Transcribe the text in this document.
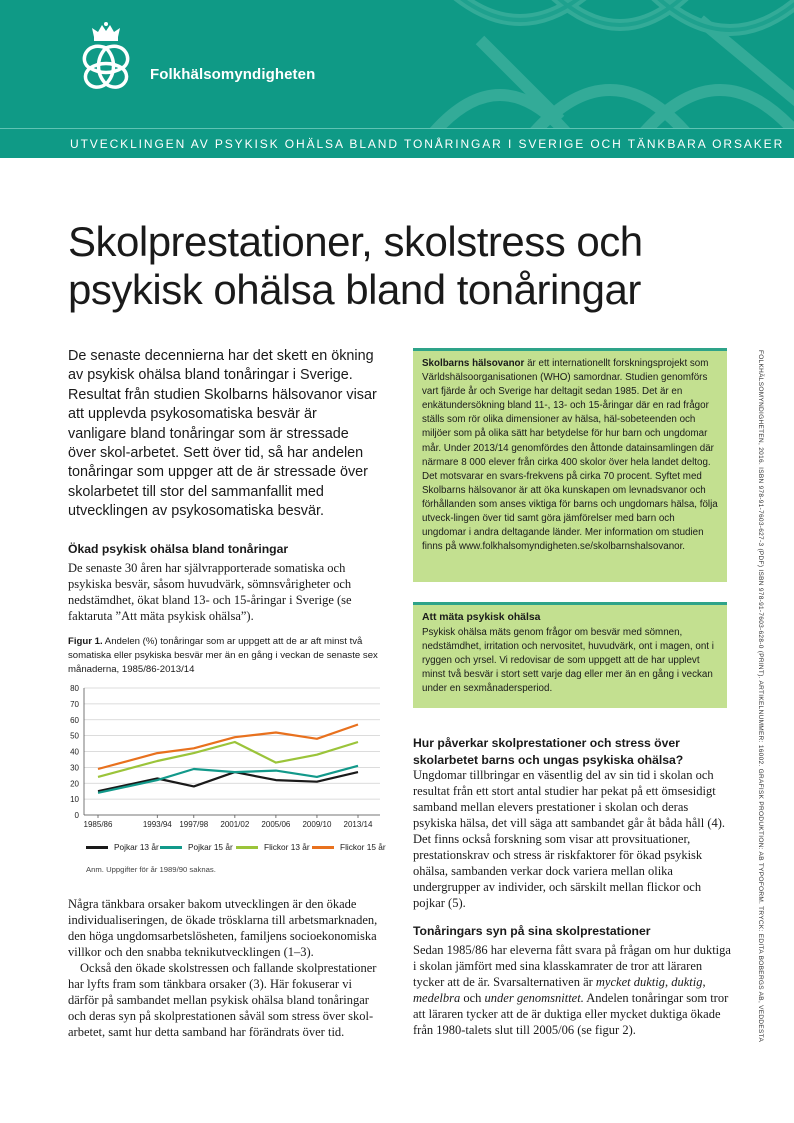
Folkhälsomyndigheten
UTVECKLINGEN AV PSYKISK OHÄLSA BLAND TONÅRINGAR I SVERIGE OCH TÄNKBARA ORSAKER
Skolprestationer, skolstress och psykisk ohälsa bland tonåringar

De senaste decennierna har det skett en ökning av psykisk ohälsa bland tonåringar i Sverige. Resultat från studien Skolbarns hälsovanor visar att upplevda psykosomatiska besvär är vanligare bland tonåringar som är stressade över skol-arbetet. Sett över tid, så har andelen tonåringar som uppger att de är stressade över skolarbetet till stor del sammanfallit med utvecklingen av psykosomatiska besvär.

Ökad psykisk ohälsa bland tonåringar
De senaste 30 åren har självrapporterade somatiska och psykiska besvär, såsom huvudvärk, sömnsvårigheter och nedstämdhet, ökat bland 13- och 15-åringar i Sverige (se faktaruta ”Att mäta psykisk ohälsa”).
Figur 1. Andelen (%) tonåringar som ar uppgett att de ar aft minst två somatiska eller psykiska besvär mer än en gång i veckan de senaste sex månaderna, 1985/86-2013/14
0
10
20
30
40
50
60
70
80
1985/86	1993/94 1997/98 2001/02 2005/06 2009/10 2013/14
Pojkar 13 år	Pojkar 15 år	Flickor 13 år	Flickor 15 år
Anm. Uppgifter för år 1989/90 saknas.

Några tänkbara orsaker bakom utvecklingen är den ökade individualiseringen, de ökade trösklarna till arbetsmarknaden, den höga ungdomsarbetslösheten, familjens socioekonomiska villkor och den snabba teknikutvecklingen (1–3).

Också den ökade skolstressen och fallande skolprestationer har lyfts fram som tänkbara orsaker (3). Här fokuserar vi därför på sambandet mellan psykisk ohälsa bland tonåringar och deras syn på skolprestationen såväl som stress över skol-arbetet, samt hur detta samband har förändrats över tid.

Skolbarns hälsovanor är ett internationellt forskningsprojekt som Världshälsoorganisationen (WHO) samordnar. Studien genomförs vart fjärde år och Sverige har deltagit sedan 1985. Det är en enkätundersökning bland 11-, 13- och 15-åringar där en rad frågor ställs som rör olika dimensioner av hälsa, häl-sobeteenden och miljöer som på olika sätt har betydelse för hur barn och ungdomar mår. Under 2013/14 genomfördes den åttonde datainsamlingen där närmare 8 000 elever från cirka 400 skolor över hela landet deltog. Det motsvarar en svars-frekvens på cirka 70 procent. Syftet med Skolbarns hälsovanor är att öka kunskapen om levnadsvanor och förhållanden som anses viktiga för barns och ungdomars hälsa, följa utveck-lingen över tid samt göra jämförelser med barn och ungdomar i andra deltagande länder. Mer information om studien finns på www.folkhalsomyndigheten.se/skolbarnshalsovanor.
Att mäta psykisk ohälsa
Psykisk ohälsa mäts genom frågor om besvär med sömnen, nedstämdhet, irritation och nervositet, huvudvärk, ont i magen, ont i ryggen och yrsel. Vi redovisar de som uppgett att de har upplevt minst två besvär i stort sett varje dag eller mer än en gång i veckan under en sexmånadersperiod.
Hur påverkar skolprestationer och stress över skolarbetet barns och ungas psykiska ohälsa?
Ungdomar tillbringar en väsentlig del av sin tid i skolan och resultat från ett stort antal studier har pekat på ett ömsesidigt samband mellan elevers prestationer i skolan och deras psykiska hälsa, det vill säga att sambandet går åt båda håll (4). Det finns också forskning som visar att provsituationer, prestationskrav och stress är riskfaktorer för ökad psykisk ohälsa, sambanden verkar dock variera mellan olika undergrupper av individer, och särskilt mellan flickor och pojkar (5).
Tonåringars syn på sina skolprestationer
Sedan 1985/86 har eleverna fått svara på frågan om hur duktiga i skolan jämfört med sina klasskamrater de tror att läraren tycker att de är. Svarsalternativen är mycket duktig, duktig, medelbra och under genomsnittet. Andelen tonåringar som tror att läraren tycker att de är duktiga eller mycket duktiga ökade från 1980-talets slut till 2005/06 (se figur 2).	FOLKHÄLSOMYNDIGHETEN, 2016. ISBN 978-91-7603-627-3 (PDF) ISBN 978-91-7603-628-0 (PRINT). ARTIKELNUMMER: 16002. GRAFISK PRODUKTION: AB TYPOFORM. TRYCK: EDITA BOBERGS AB, VEDDESTA
